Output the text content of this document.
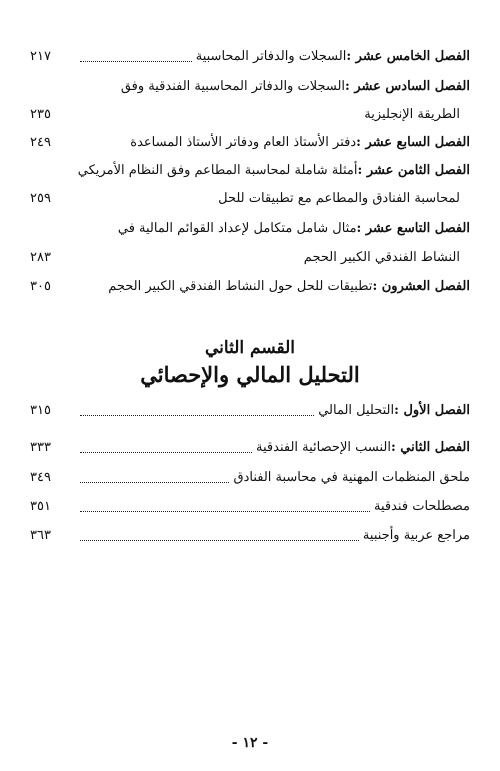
الفصل الخامس عشر :
السجلات والدفاتر المحاسبية
٢١٧
الفصل السادس عشر :
السجلات والدفاتر المحاسبية الفندقية وفق
الطريقة الإنجليزية
٢٣٥
الفصل السابع عشر :
دفتر الأستاذ العام ودفاتر الأستاذ المساعدة
٢٤٩
الفصل الثامن عشر :
أمثلة شاملة لمحاسبة المطاعم وفق النظام الأمريكي
لمحاسبة الفنادق والمطاعم مع تطبيقات للحل
٢٥٩
الفصل التاسع عشر :
مثال شامل متكامل لإعداد القوائم المالية في
النشاط الفندقي الكبير الحجم
٢٨٣
الفصل العشرون :
تطبيقات للحل حول النشاط الفندقي الكبير الحجم
٣٠٥
القسم الثاني
التحليل المالي والإحصائي
الفصل الأول :
التحليل المالي
٣١٥
الفصل الثاني :
النسب الإحصائية الفندقية
٣٣٣
ملحق المنظمات المهنية في محاسبة الفنادق
٣٤٩
مصطلحات فندقية
٣٥١
مراجع عربية وأجنبية
٣٦٣
- ١٢ -
